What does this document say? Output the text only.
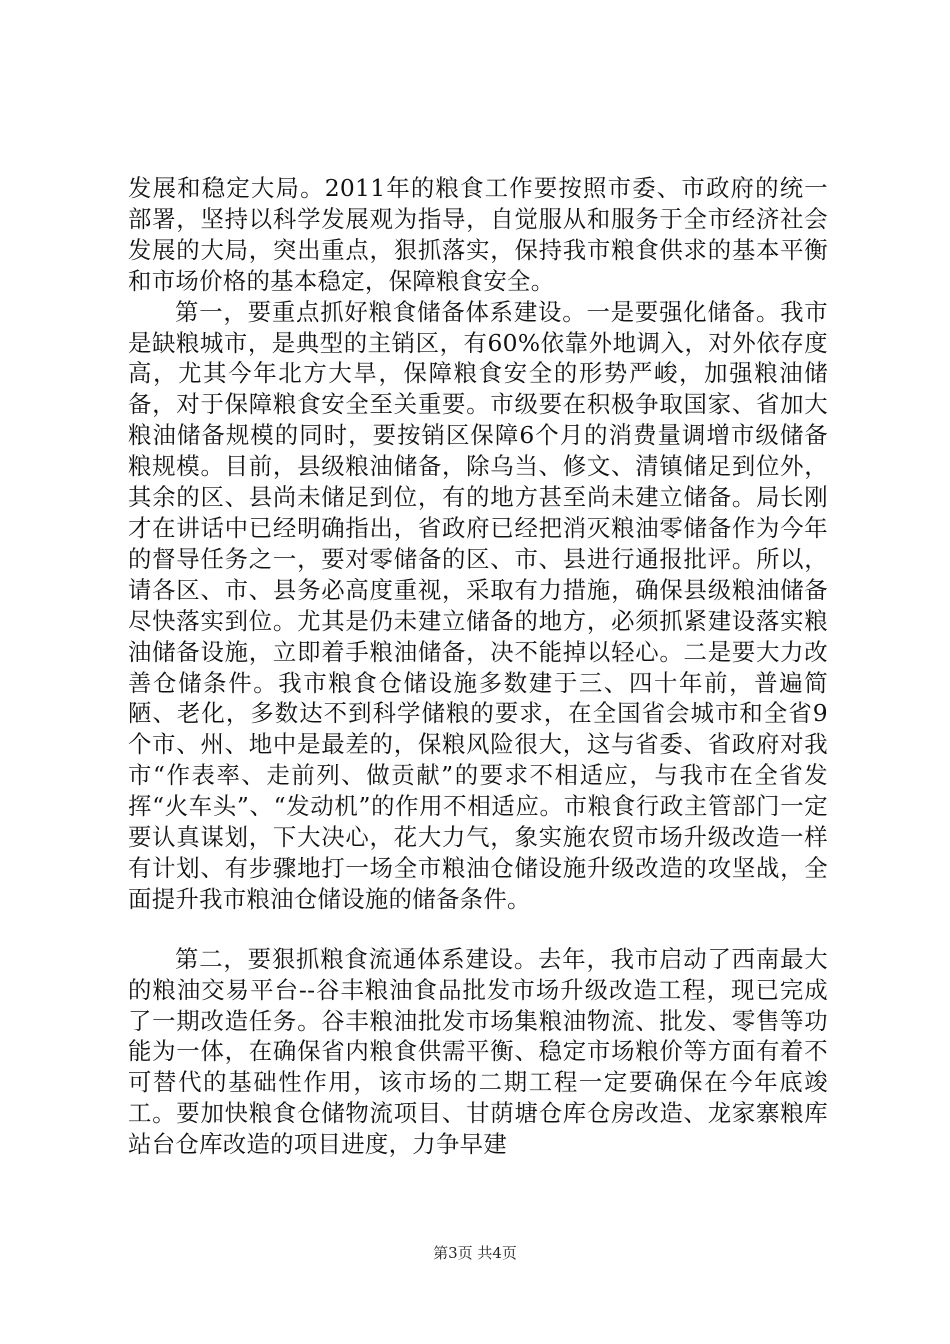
发展和稳定大局。2011年的粮食工作要按照市委、市政府的统一部署，坚持以科学发展观为指导，自觉服从和服务于全市经济社会发展的大局，突出重点，狠抓落实，保持我市粮食供求的基本平衡和市场价格的基本稳定，保障粮食安全。

第一，要重点抓好粮食储备体系建设。一是要强化储备。我市是缺粮城市，是典型的主销区，有60%依靠外地调入，对外依存度高，尤其今年北方大旱，保障粮食安全的形势严峻，加强粮油储备，对于保障粮食安全至关重要。市级要在积极争取国家、省加大粮油储备规模的同时，要按销区保障6个月的消费量调增市级储备粮规模。目前，县级粮油储备，除乌当、修文、清镇储足到位外，其余的区、县尚未储足到位，有的地方甚至尚未建立储备。局长刚才在讲话中已经明确指出，省政府已经把消灭粮油零储备作为今年的督导任务之一，要对零储备的区、市、县进行通报批评。所以，请各区、市、县务必高度重视，采取有力措施，确保县级粮油储备尽快落实到位。尤其是仍未建立储备的地方，必须抓紧建设落实粮油储备设施，立即着手粮油储备，决不能掉以轻心。二是要大力改善仓储条件。我市粮食仓储设施多数建于三、四十年前，普遍简陋、老化，多数达不到科学储粮的要求，在全国省会城市和全省9个市、州、地中是最差的，保粮风险很大，这与省委、省政府对我市“作表率、走前列、做贡献”的要求不相适应，与我市在全省发挥“火车头”、“发动机”的作用不相适应。市粮食行政主管部门一定要认真谋划，下大决心，花大力气，象实施农贸市场升级改造一样有计划、有步骤地打一场全市粮油仓储设施升级改造的攻坚战，全面提升我市粮油仓储设施的储备条件。

第二，要狠抓粮食流通体系建设。去年，我市启动了西南最大的粮油交易平台--谷丰粮油食品批发市场升级改造工程，现已完成了一期改造任务。谷丰粮油批发市场集粮油物流、批发、零售等功能为一体，在确保省内粮食供需平衡、稳定市场粮价等方面有着不可替代的基础性作用，该市场的二期工程一定要确保在今年底竣工。要加快粮食仓储物流项目、甘荫塘仓库仓房改造、龙家寨粮库站台仓库改造的项目进度，力争早建

第3页 共4页
